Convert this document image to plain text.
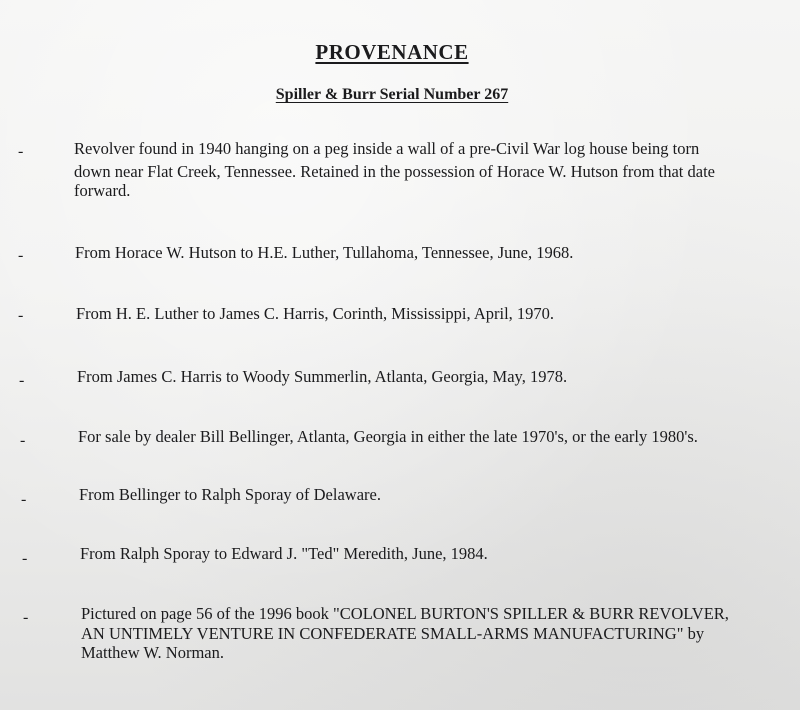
PROVENANCE
Spiller & Burr Serial Number 267
-	Revolver found in 1940 hanging on a peg inside a wall of a pre-Civil War log house being torn
down near Flat Creek, Tennessee. Retained in the possession of Horace W. Hutson from that date
forward.
-	From Horace W. Hutson to H.E. Luther, Tullahoma, Tennessee, June, 1968.
-	From H. E. Luther to James C. Harris, Corinth, Mississippi, April, 1970.
-	From James C. Harris to Woody Summerlin, Atlanta, Georgia, May, 1978.
-	For sale by dealer Bill Bellinger, Atlanta, Georgia in either the late 1970's, or the early 1980's.
-	From Bellinger to Ralph Sporay of Delaware.
-	From Ralph Sporay to Edward J. "Ted" Meredith, June, 1984.
-	Pictured on page 56 of the 1996 book "COLONEL BURTON'S SPILLER & BURR REVOLVER,
AN UNTIMELY VENTURE IN CONFEDERATE SMALL-ARMS MANUFACTURING" by
Matthew W. Norman.
